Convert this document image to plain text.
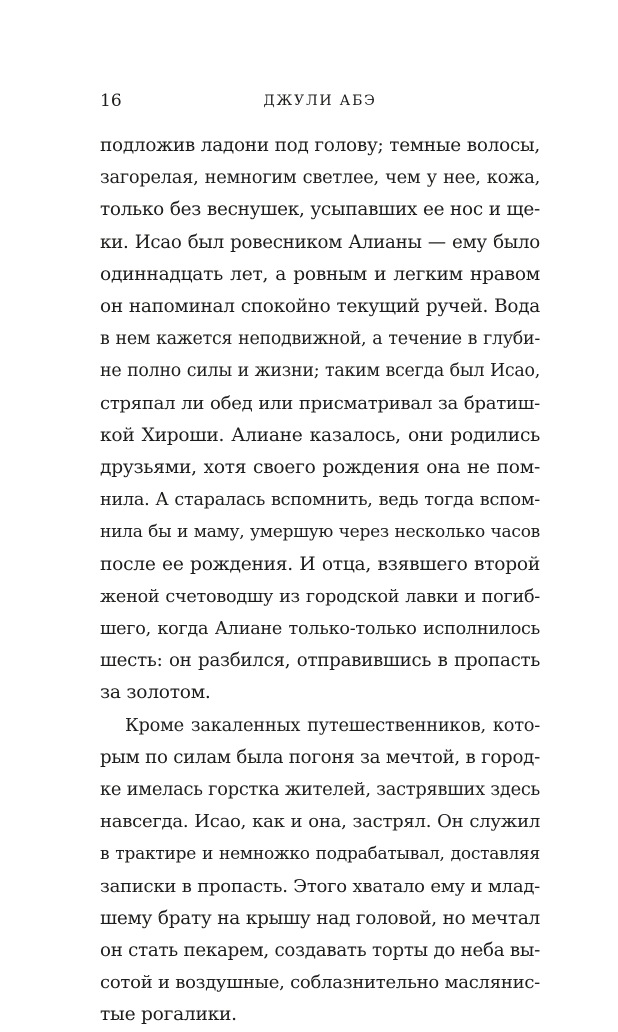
16	ДЖУЛИ АБЭ
подложив ладони под голову; темные волосы,
загорелая, немногим светлее, чем у нее, кожа,
только без веснушек, усыпавших ее нос и ще-
ки. Исао был ровесником Алианы — ему было
одиннадцать лет, а ровным и легким нравом
он напоминал спокойно текущий ручей. Вода
в нем кажется неподвижной, а течение в глуби-
не полно силы и жизни; таким всегда был Исао,
стряпал ли обед или присматривал за братиш-
кой Хироши. Алиане казалось, они родились
друзьями, хотя своего рождения она не пом-
нила. А старалась вспомнить, ведь тогда вспом-
нила бы и маму, умершую через несколько часов
после ее рождения. И отца, взявшего второй
женой счетоводшу из городской лавки и погиб-
шего, когда Алиане только-только исполнилось
шесть: он разбился, отправившись в пропасть
за золотом.
Кроме закаленных путешественников, кото-
рым по силам была погоня за мечтой, в город-
ке имелась горстка жителей, застрявших здесь
навсегда. Исао, как и она, застрял. Он служил
в трактире и немножко подрабатывал, доставляя
записки в пропасть. Этого хватало ему и млад-
шему брату на крышу над головой, но мечтал
он стать пекарем, создавать торты до неба вы-
сотой и воздушные, соблазнительно маслянис-
тые рогалики.
